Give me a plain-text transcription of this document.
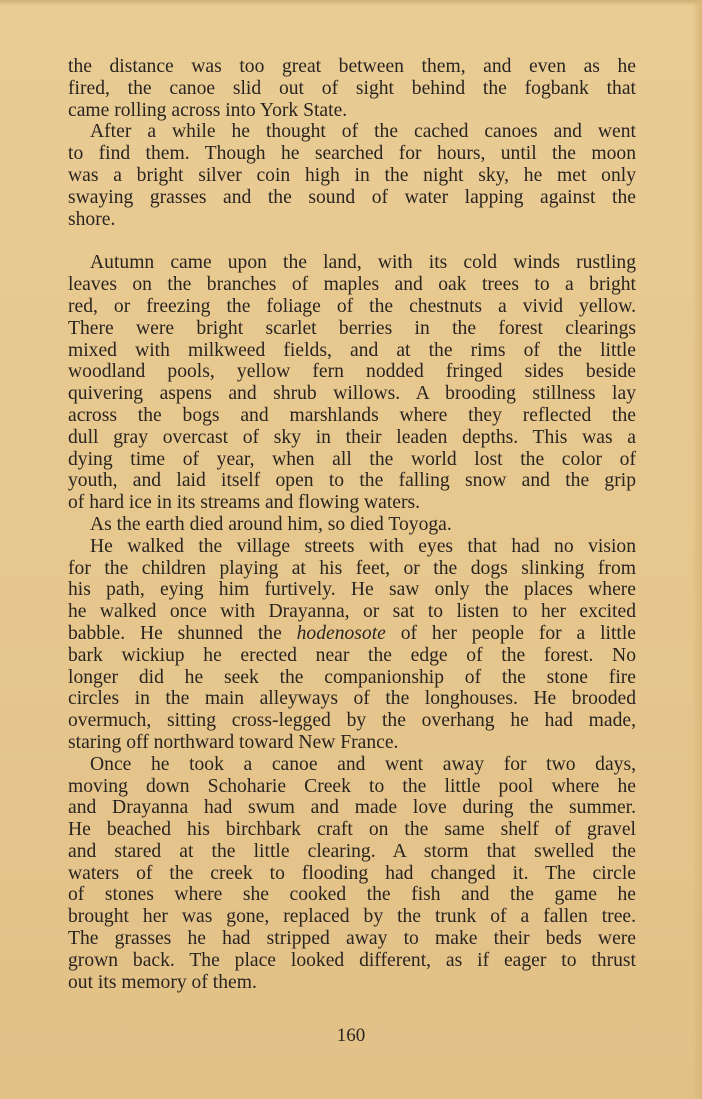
the distance was too great between them, and even as he
fired, the canoe slid out of sight behind the fogbank that
came rolling across into York State.
After a while he thought of the cached canoes and went
to find them. Though he searched for hours, until the moon
was a bright silver coin high in the night sky, he met only
swaying grasses and the sound of water lapping against the
shore.
Autumn came upon the land, with its cold winds rustling
leaves on the branches of maples and oak trees to a bright
red, or freezing the foliage of the chestnuts a vivid yellow.
There were bright scarlet berries in the forest clearings
mixed with milkweed fields, and at the rims of the little
woodland pools, yellow fern nodded fringed sides beside
quivering aspens and shrub willows. A brooding stillness lay
across the bogs and marshlands where they reflected the
dull gray overcast of sky in their leaden depths. This was a
dying time of year, when all the world lost the color of
youth, and laid itself open to the falling snow and the grip
of hard ice in its streams and flowing waters.
As the earth died around him, so died Toyoga.
He walked the village streets with eyes that had no vision
for the children playing at his feet, or the dogs slinking from
his path, eying him furtively. He saw only the places where
he walked once with Drayanna, or sat to listen to her excited
babble. He shunned the hodenosote of her people for a little
bark wickiup he erected near the edge of the forest. No
longer did he seek the companionship of the stone fire
circles in the main alleyways of the longhouses. He brooded
overmuch, sitting cross-legged by the overhang he had made,
staring off northward toward New France.
Once he took a canoe and went away for two days,
moving down Schoharie Creek to the little pool where he
and Drayanna had swum and made love during the summer.
He beached his birchbark craft on the same shelf of gravel
and stared at the little clearing. A storm that swelled the
waters of the creek to flooding had changed it. The circle
of stones where she cooked the fish and the game he
brought her was gone, replaced by the trunk of a fallen tree.
The grasses he had stripped away to make their beds were
grown back. The place looked different, as if eager to thrust
out its memory of them.
160
